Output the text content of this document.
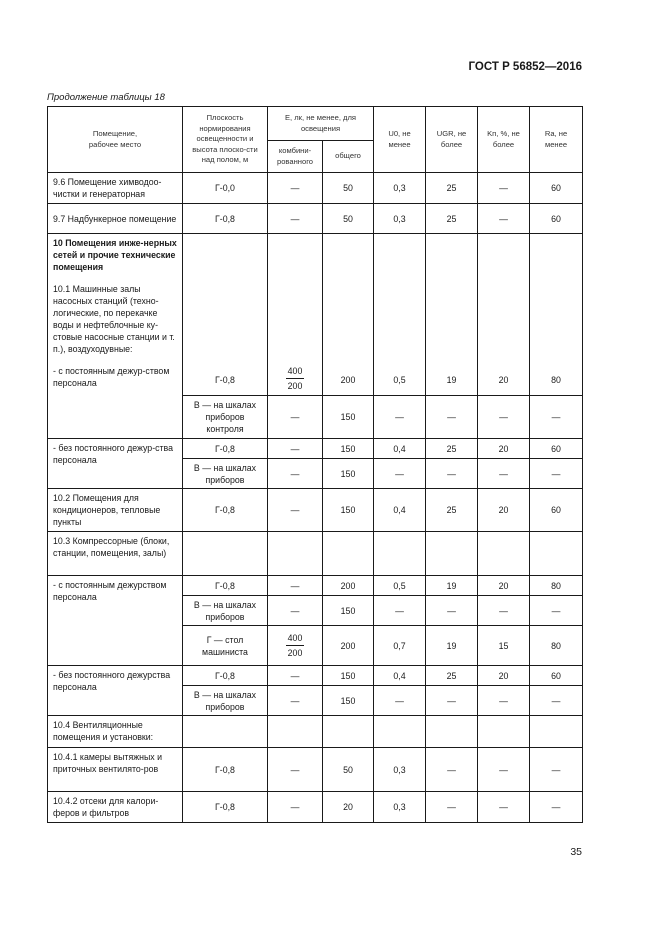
ГОСТ Р 56852—2016
Продолжение таблицы 18
Помещение,
рабочее место	Плоскость нормирования освещенности и высота плоско-сти над полом, м	E, лк, не менее, для освещения		U0, не менее	UGR, не более	Kп, %, не более	Ra, не менее
		комбини-рованного	общего				
9.6 Помещение химводоо-чистки и генераторная	Г-0,0	—	50	0,3	25	—	60
9.7 Надбункерное помещение	Г-0,8	—	50	0,3	25	—	60
10 Помещения инже-нерных сетей и прочие технические помещения
10.1 Машинные залы насосных станций (техно-логические, по перекачке воды и нефтеблочные ку-стовые насосные станции и т. п.), воздуходувные:
- с постоянным дежур-ством персонала	Г-0,8	$\frac{400}{200}$	200	0,5	19	20	80
	В — на шкалах приборов контроля	—	150	—	—	—	—
- без постоянного дежур-ства персонала	Г-0,8	—	150	0,4	25	20	60
	В — на шкалах приборов	—	150	—	—	—	—
10.2 Помещения для кондиционеров, тепловые пункты	Г-0,8	—	150	0,4	25	20	60
10.3 Компрессорные (блоки, станции, помещения, залы)							
- с постоянным дежурством персонала	Г-0,8	—	200	0,5	19	20	80
	В — на шкалах приборов	—	150	—	—	—	—
	Г — стол машиниста	$\frac{400}{200}$	200	0,7	19	15	80
- без постоянного дежурства персонала	Г-0,8	—	150	0,4	25	20	60
	В — на шкалах приборов	—	150	—	—	—	—
10.4 Вентиляционные помещения и установки:							
10.4.1 камеры вытяжных и приточных вентилято-ров	Г-0,8	—	50	0,3	—	—	—
10.4.2 отсеки для калори-феров и фильтров	Г-0,8	—	20	0,3	—	—	—
35
